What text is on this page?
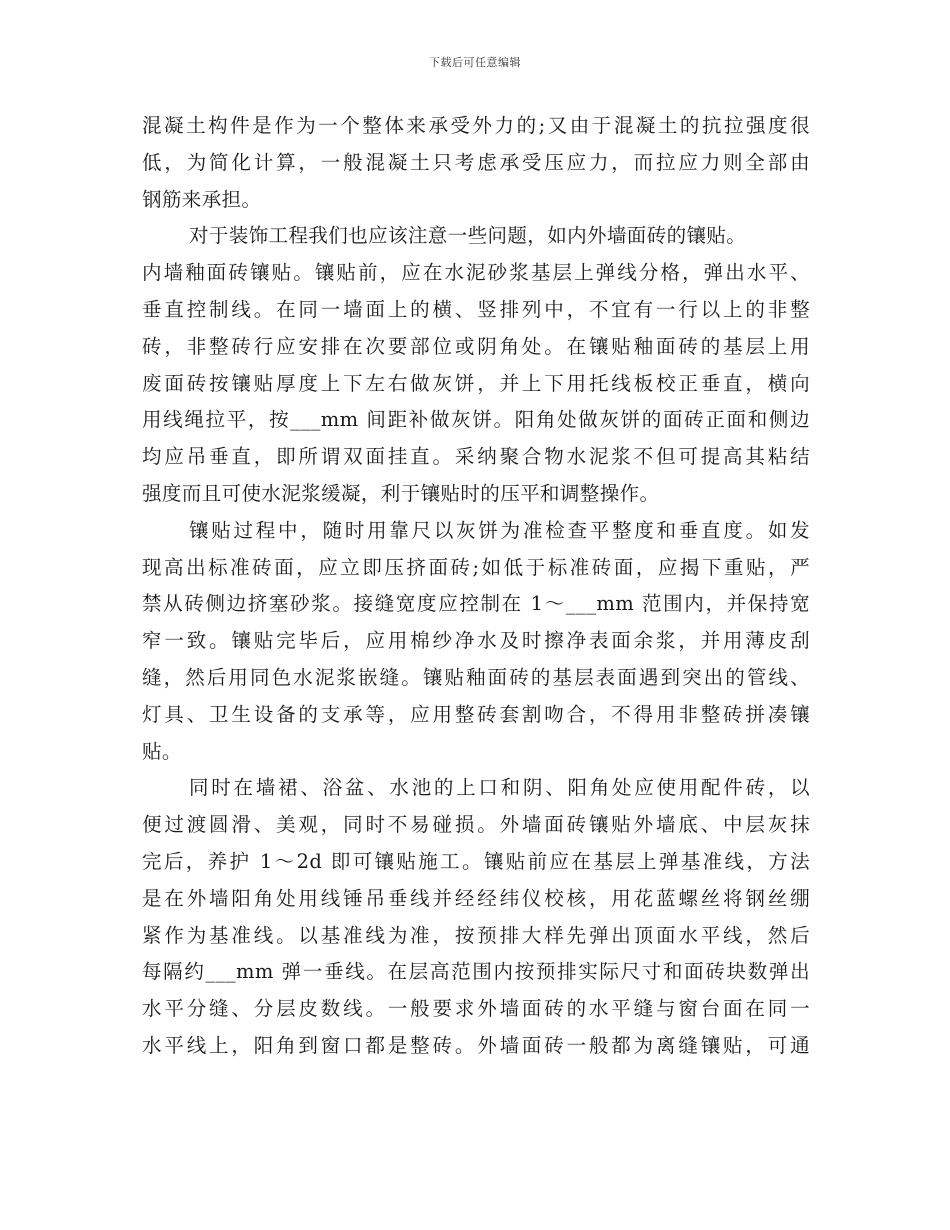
下载后可任意编辑
混凝土构件是作为一个整体来承受外力的;又由于混凝土的抗拉强度很
低，为简化计算，一般混凝土只考虑承受压应力，而拉应力则全部由
钢筋来承担。
对于装饰工程我们也应该注意一些问题，如内外墙面砖的镶贴。
内墙釉面砖镶贴。镶贴前，应在水泥砂浆基层上弹线分格，弹出水平、
垂直控制线。在同一墙面上的横、竖排列中，不宜有一行以上的非整
砖，非整砖行应安排在次要部位或阴角处。在镶贴釉面砖的基层上用
废面砖按镶贴厚度上下左右做灰饼，并上下用托线板校正垂直，横向
用线绳拉平，按___mm 间距补做灰饼。阳角处做灰饼的面砖正面和侧边
均应吊垂直，即所谓双面挂直。采纳聚合物水泥浆不但可提高其粘结
强度而且可使水泥浆缓凝，利于镶贴时的压平和调整操作。
镶贴过程中，随时用靠尺以灰饼为准检查平整度和垂直度。如发
现高出标准砖面，应立即压挤面砖;如低于标准砖面，应揭下重贴，严
禁从砖侧边挤塞砂浆。接缝宽度应控制在 1～___mm 范围内，并保持宽
窄一致。镶贴完毕后，应用棉纱净水及时擦净表面余浆，并用薄皮刮
缝，然后用同色水泥浆嵌缝。镶贴釉面砖的基层表面遇到突出的管线、
灯具、卫生设备的支承等，应用整砖套割吻合，不得用非整砖拼凑镶
贴。
同时在墙裙、浴盆、水池的上口和阴、阳角处应使用配件砖，以
便过渡圆滑、美观，同时不易碰损。外墙面砖镶贴外墙底、中层灰抹
完后，养护 1～2d 即可镶贴施工。镶贴前应在基层上弹基准线，方法
是在外墙阳角处用线锤吊垂线并经经纬仪校核，用花蓝螺丝将钢丝绷
紧作为基准线。以基准线为准，按预排大样先弹出顶面水平线，然后
每隔约___mm 弹一垂线。在层高范围内按预排实际尺寸和面砖块数弹出
水平分缝、分层皮数线。一般要求外墙面砖的水平缝与窗台面在同一
水平线上，阳角到窗口都是整砖。外墙面砖一般都为离缝镶贴，可通
